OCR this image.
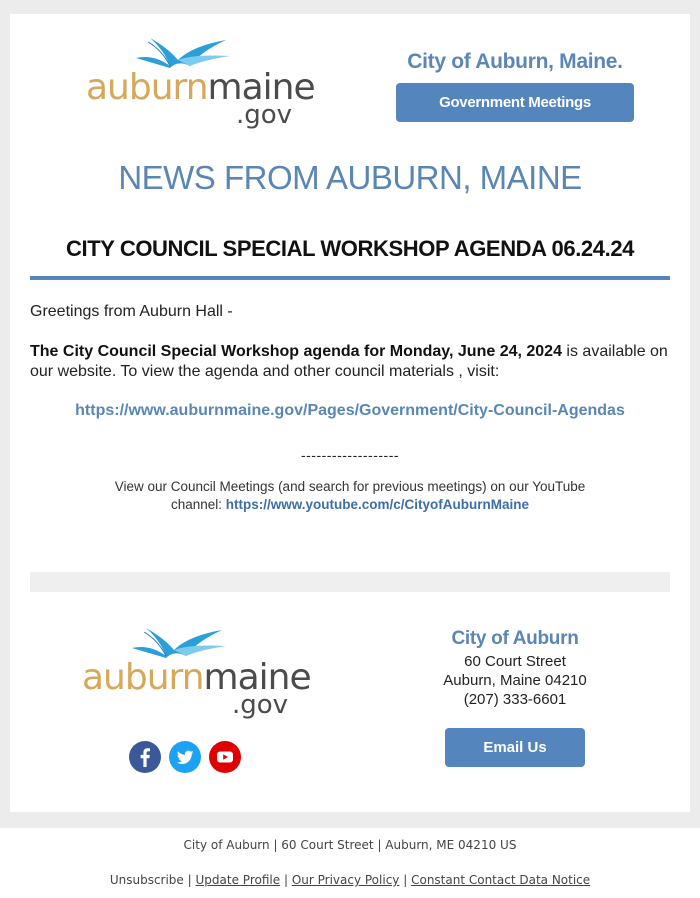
auburnmaine
.gov
City of Auburn, Maine.
Government Meetings
NEWS FROM AUBURN, MAINE
CITY COUNCIL SPECIAL WORKSHOP AGENDA 06.24.24
Greetings from Auburn Hall -
The City Council Special Workshop agenda for Monday, June 24, 2024 is available on our website. To view the agenda and other council materials , visit:
https://www.auburnmaine.gov/Pages/Government/City-Council-Agendas
-------------------
View our Council Meetings (and search for previous meetings) on our YouTube channel: https://www.youtube.com/c/CityofAuburnMaine
auburnmaine
.gov
City of Auburn
60 Court Street
Auburn, Maine 04210
(207) 333-6601
Email Us
City of Auburn | 60 Court Street | Auburn, ME 04210 US
Unsubscribe | Update Profile | Our Privacy Policy | Constant Contact Data Notice
